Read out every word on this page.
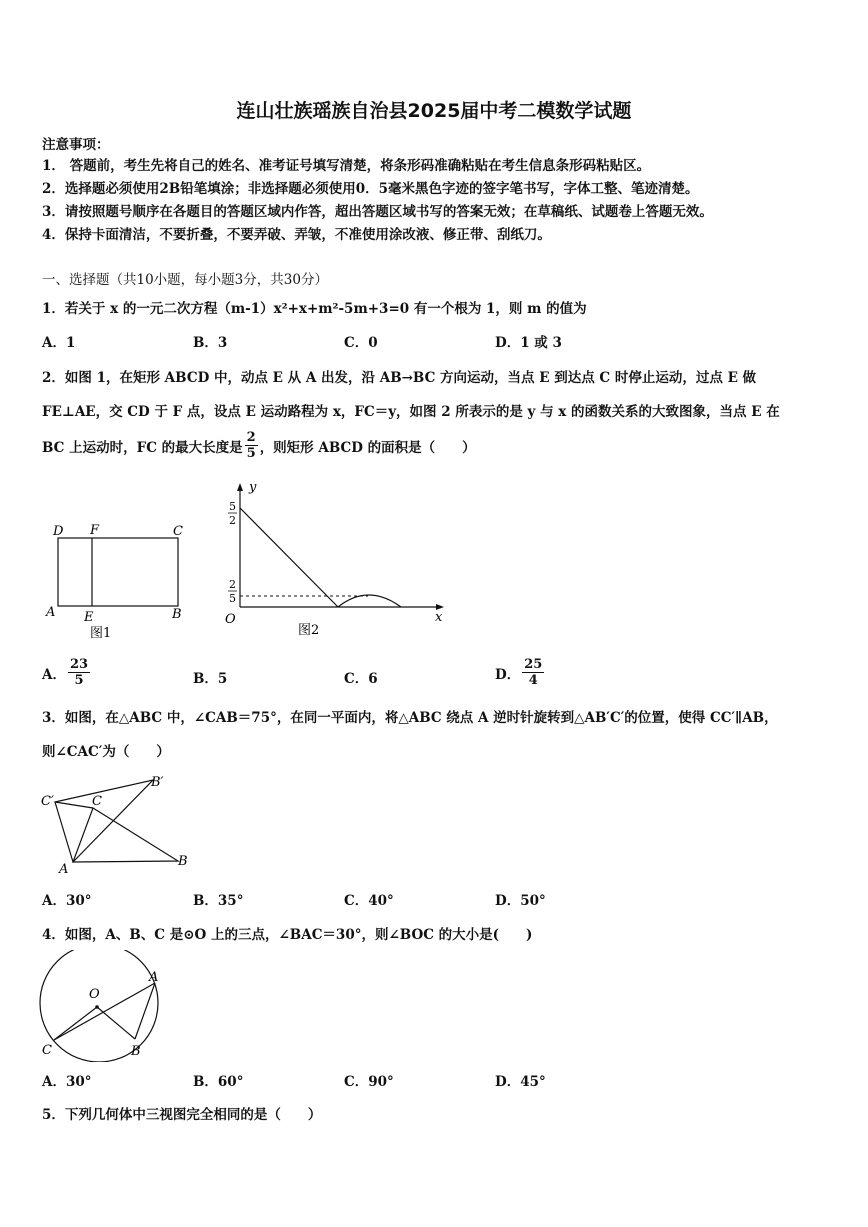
连山壮族瑶族自治县2025届中考二模数学试题
注意事项：
1． 答题前，考生先将自己的姓名、准考证号填写清楚，将条形码准确粘贴在考生信息条形码粘贴区。
2．选择题必须使用2B铅笔填涂；非选择题必须使用0．5毫米黑色字迹的签字笔书写，字体工整、笔迹清楚。
3．请按照题号顺序在各题目的答题区域内作答，超出答题区域书写的答案无效；在草稿纸、试题卷上答题无效。
4．保持卡面清洁，不要折叠，不要弄破、弄皱，不准使用涂改液、修正带、刮纸刀。
一、选择题（共10小题，每小题3分，共30分）
1．若关于 x 的一元二次方程（m-1）x²+x+m²-5m+3=0 有一个根为 1，则 m 的值为
A．1	B．3	C．0	D．1 或 3
2．如图 1，在矩形 ABCD 中，动点 E 从 A 出发，沿 AB→BC 方向运动，当点 E 到达点 C 时停止运动，过点 E 做
FE⊥AE，交 CD 于 F 点，设点 E 运动路程为 x，FC＝y，如图 2 所表示的是 y 与 x 的函数关系的大致图象，当点 E 在
BC 上运动时，FC 的最大长度是 $\frac{2}{5}$ ，则矩形 ABCD 的面积是（　　）
D F	C
A E	B
图1
y
x
O
5
2
2
5
图2
A． $\frac{23}{5}$	B．5	C．6	D． $\frac{25}{4}$
3．如图，在△ABC 中，∠CAB＝75°，在同一平面内，将△ABC 绕点 A 逆时针旋转到△AB′C′的位置，使得 CC′∥AB，
则∠CAC′为（　　）
C′	C
B′
A
B
A．30°	B．35°	C．40°	D．50°
4．如图，A、B、C 是⊙O 上的三点，∠BAC＝30°，则∠BOC 的大小是(　　)
O
A
B
C
A．30°	B．60°	C．90°	D．45°
5．下列几何体中三视图完全相同的是（　　）
